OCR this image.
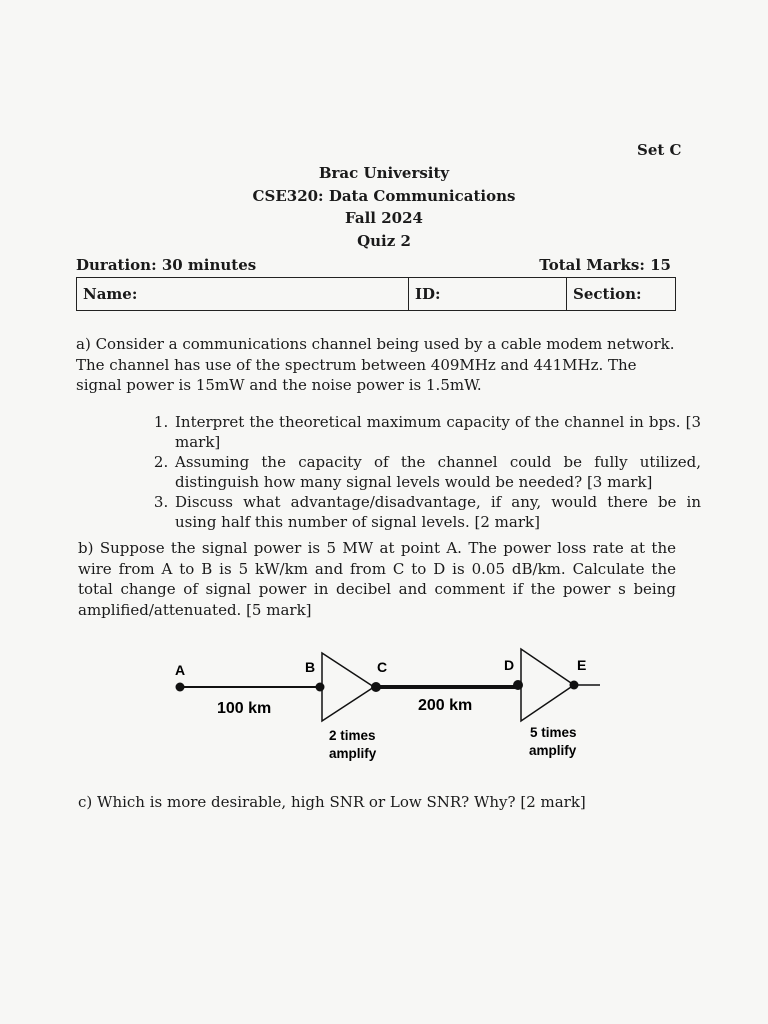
Set C
Brac University
CSE320: Data Communications
Fall 2024
Quiz 2
Duration: 30 minutes	Total Marks: 15
Name:	ID:	Section:
a) Consider a communications channel being used by a cable modem network. The channel has use of the spectrum between 409MHz and 441MHz. The signal power is 15mW and the noise power is 1.5mW.
1. Interpret the theoretical maximum capacity of the channel in bps. [3 mark]
2. Assuming the capacity of the channel could be fully utilized, distinguish how many signal levels would be needed? [3 mark]
3. Discuss what advantage/disadvantage, if any, would there be in using half this number of signal levels. [2 mark]
b) Suppose the signal power is 5 MW at point A. The power loss rate at the wire from A to B is 5 kW/km and from C to D is 0.05 dB/km. Calculate the total change of signal power in decibel and comment if the power s being amplified/attenuated. [5 mark]
A	B	C	D	E
100 km	200 km
2 times
amplify
5 times
amplify
c) Which is more desirable, high SNR or Low SNR? Why? [2 mark]
